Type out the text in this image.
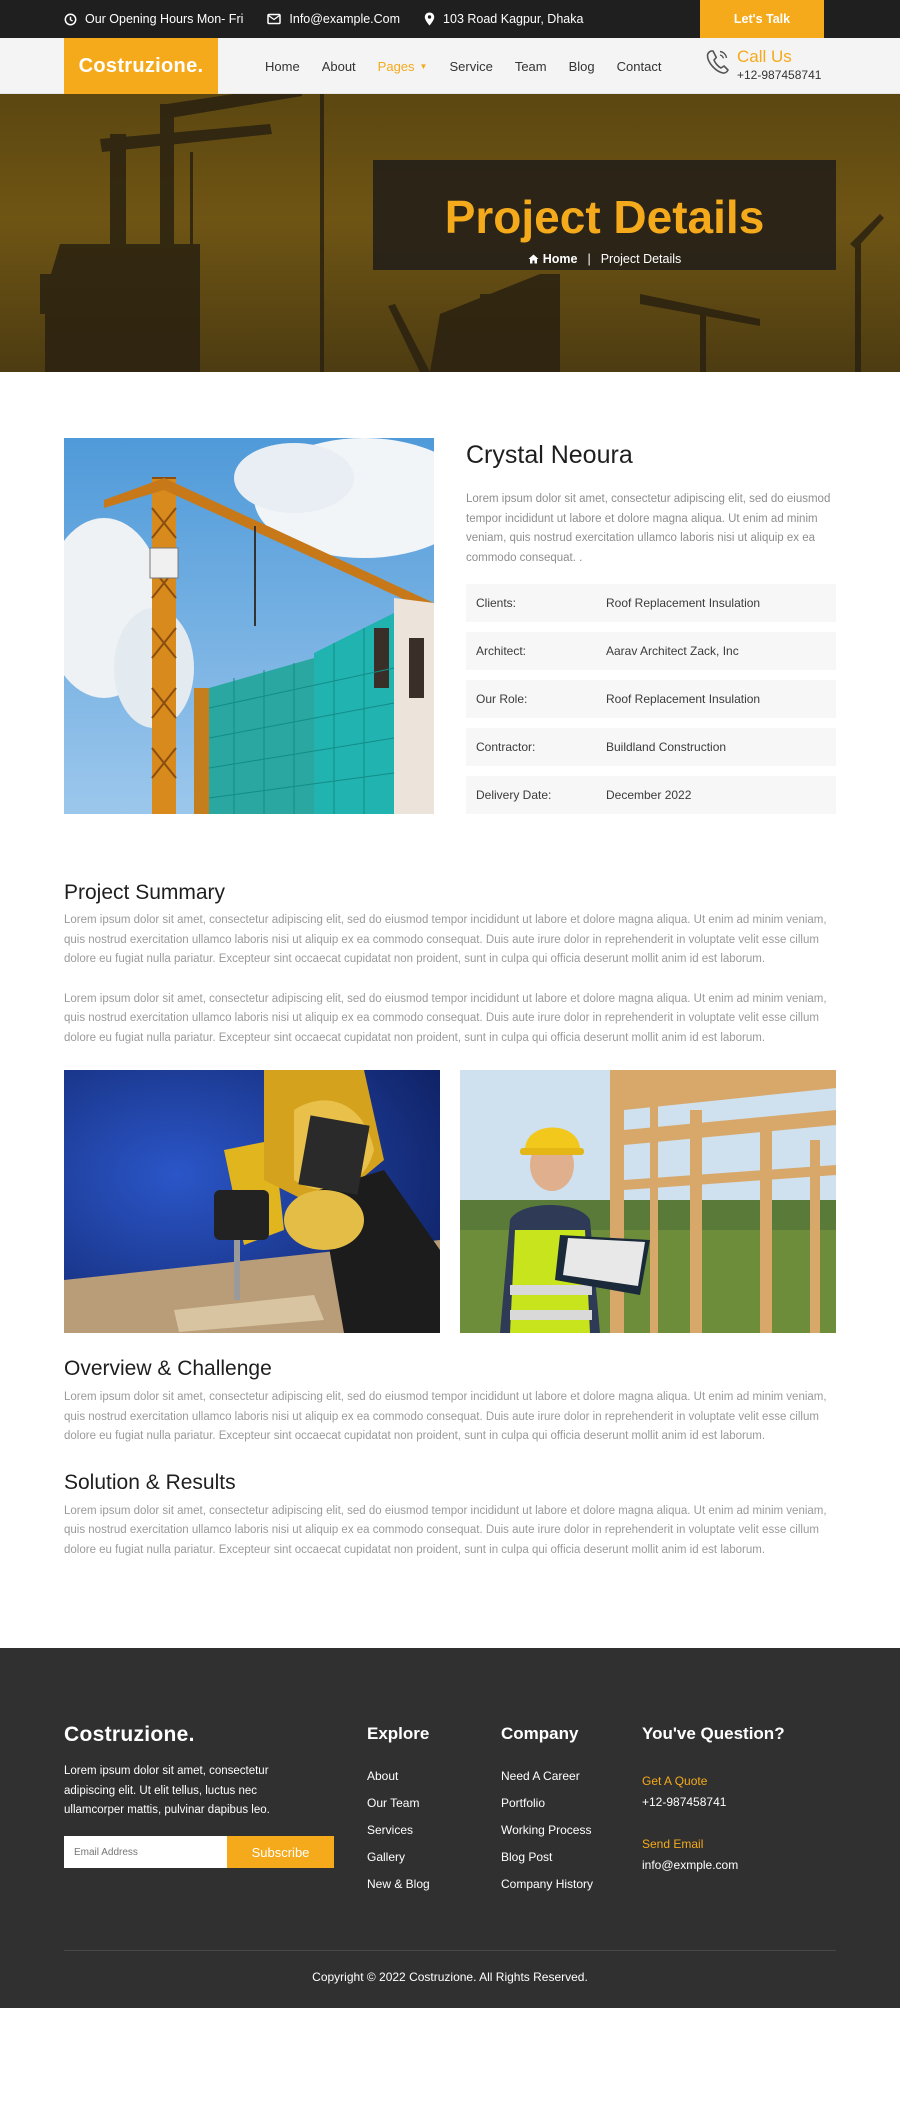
Our Opening Hours Mon- Fri	Info@example.Com	103 Road Kagpur, Dhaka	Let's Talk
Costruzione.	Home About Pages ▼ Service Team Blog Contact	Call Us
+12-987458741
Project Details
Home | Project Details
Crystal Neoura
Lorem ipsum dolor sit amet, consectetur adipiscing elit, sed do eiusmod tempor incididunt ut labore et dolore magna aliqua. Ut enim ad minim veniam, quis nostrud exercitation ullamco laboris nisi ut aliquip ex ea commodo consequat. .
Clients:	Roof Replacement Insulation
Architect:	Aarav Architect Zack, Inc
Our Role:	Roof Replacement Insulation
Contractor:	Buildland Construction
Delivery Date:	December 2022
Project Summary

Lorem ipsum dolor sit amet, consectetur adipiscing elit, sed do eiusmod tempor incididunt ut labore et dolore magna aliqua. Ut enim ad minim veniam, quis nostrud exercitation ullamco laboris nisi ut aliquip ex ea commodo consequat. Duis aute irure dolor in reprehenderit in voluptate velit esse cillum dolore eu fugiat nulla pariatur. Excepteur sint occaecat cupidatat non proident, sunt in culpa qui officia deserunt mollit anim id est laborum.

Lorem ipsum dolor sit amet, consectetur adipiscing elit, sed do eiusmod tempor incididunt ut labore et dolore magna aliqua. Ut enim ad minim veniam, quis nostrud exercitation ullamco laboris nisi ut aliquip ex ea commodo consequat. Duis aute irure dolor in reprehenderit in voluptate velit esse cillum dolore eu fugiat nulla pariatur. Excepteur sint occaecat cupidatat non proident, sunt in culpa qui officia deserunt mollit anim id est laborum.

Overview & Challenge

Lorem ipsum dolor sit amet, consectetur adipiscing elit, sed do eiusmod tempor incididunt ut labore et dolore magna aliqua. Ut enim ad minim veniam, quis nostrud exercitation ullamco laboris nisi ut aliquip ex ea commodo consequat. Duis aute irure dolor in reprehenderit in voluptate velit esse cillum dolore eu fugiat nulla pariatur. Excepteur sint occaecat cupidatat non proident, sunt in culpa qui officia deserunt mollit anim id est laborum.

Solution & Results

Lorem ipsum dolor sit amet, consectetur adipiscing elit, sed do eiusmod tempor incididunt ut labore et dolore magna aliqua. Ut enim ad minim veniam, quis nostrud exercitation ullamco laboris nisi ut aliquip ex ea commodo consequat. Duis aute irure dolor in reprehenderit in voluptate velit esse cillum dolore eu fugiat nulla pariatur. Excepteur sint occaecat cupidatat non proident, sunt in culpa qui officia deserunt mollit anim id est laborum.

Costruzione.
Lorem ipsum dolor sit amet, consectetur adipiscing elit. Ut elit tellus, luctus nec ullamcorper mattis, pulvinar dapibus leo.
Email Address
Subscribe
Explore
About
Our Team
Services
Gallery
New & Blog
Company
Need A Career
Portfolio
Working Process
Blog Post
Company History
You've Question?
Get A Quote
+12-987458741
Send Email
info@exmple.com
Copyright © 2022 Costruzione. All Rights Reserved.
